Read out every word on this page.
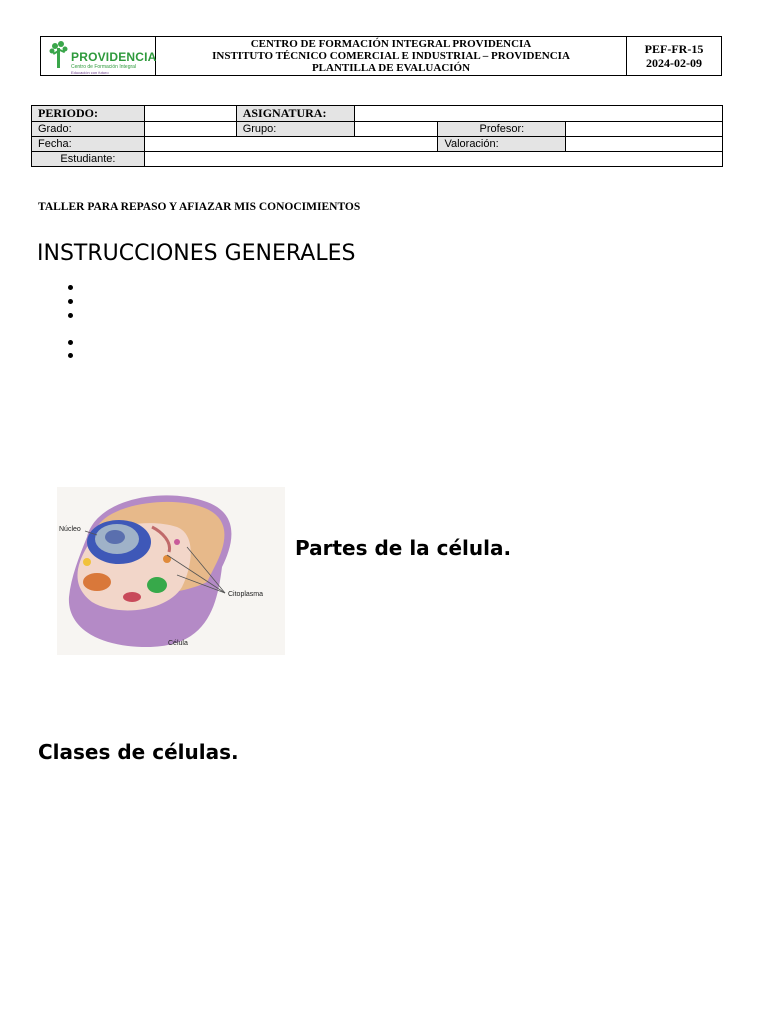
PROVIDENCIA
Centro de Formación Integral
Educación con futuro
CENTRO DE FORMACIÓN INTEGRAL PROVIDENCIA
INSTITUTO TÉCNICO COMERCIAL E INDUSTRIAL – PROVIDENCIA
PLANTILLA DE EVALUACIÓN
PEF-FR-15
2024-02-09
PERIODO:		ASIGNATURA:			
Grado:		Grupo:		Profesor:	
Fecha:				Valoración:	
Estudiante:					
TALLER PARA REPASO Y AFIAZAR MIS CONOCIMIENTOS
INSTRUCCIONES GENERALES
Núcleo
Citoplasma
Célula
Partes de la célula.
Clases de células.
